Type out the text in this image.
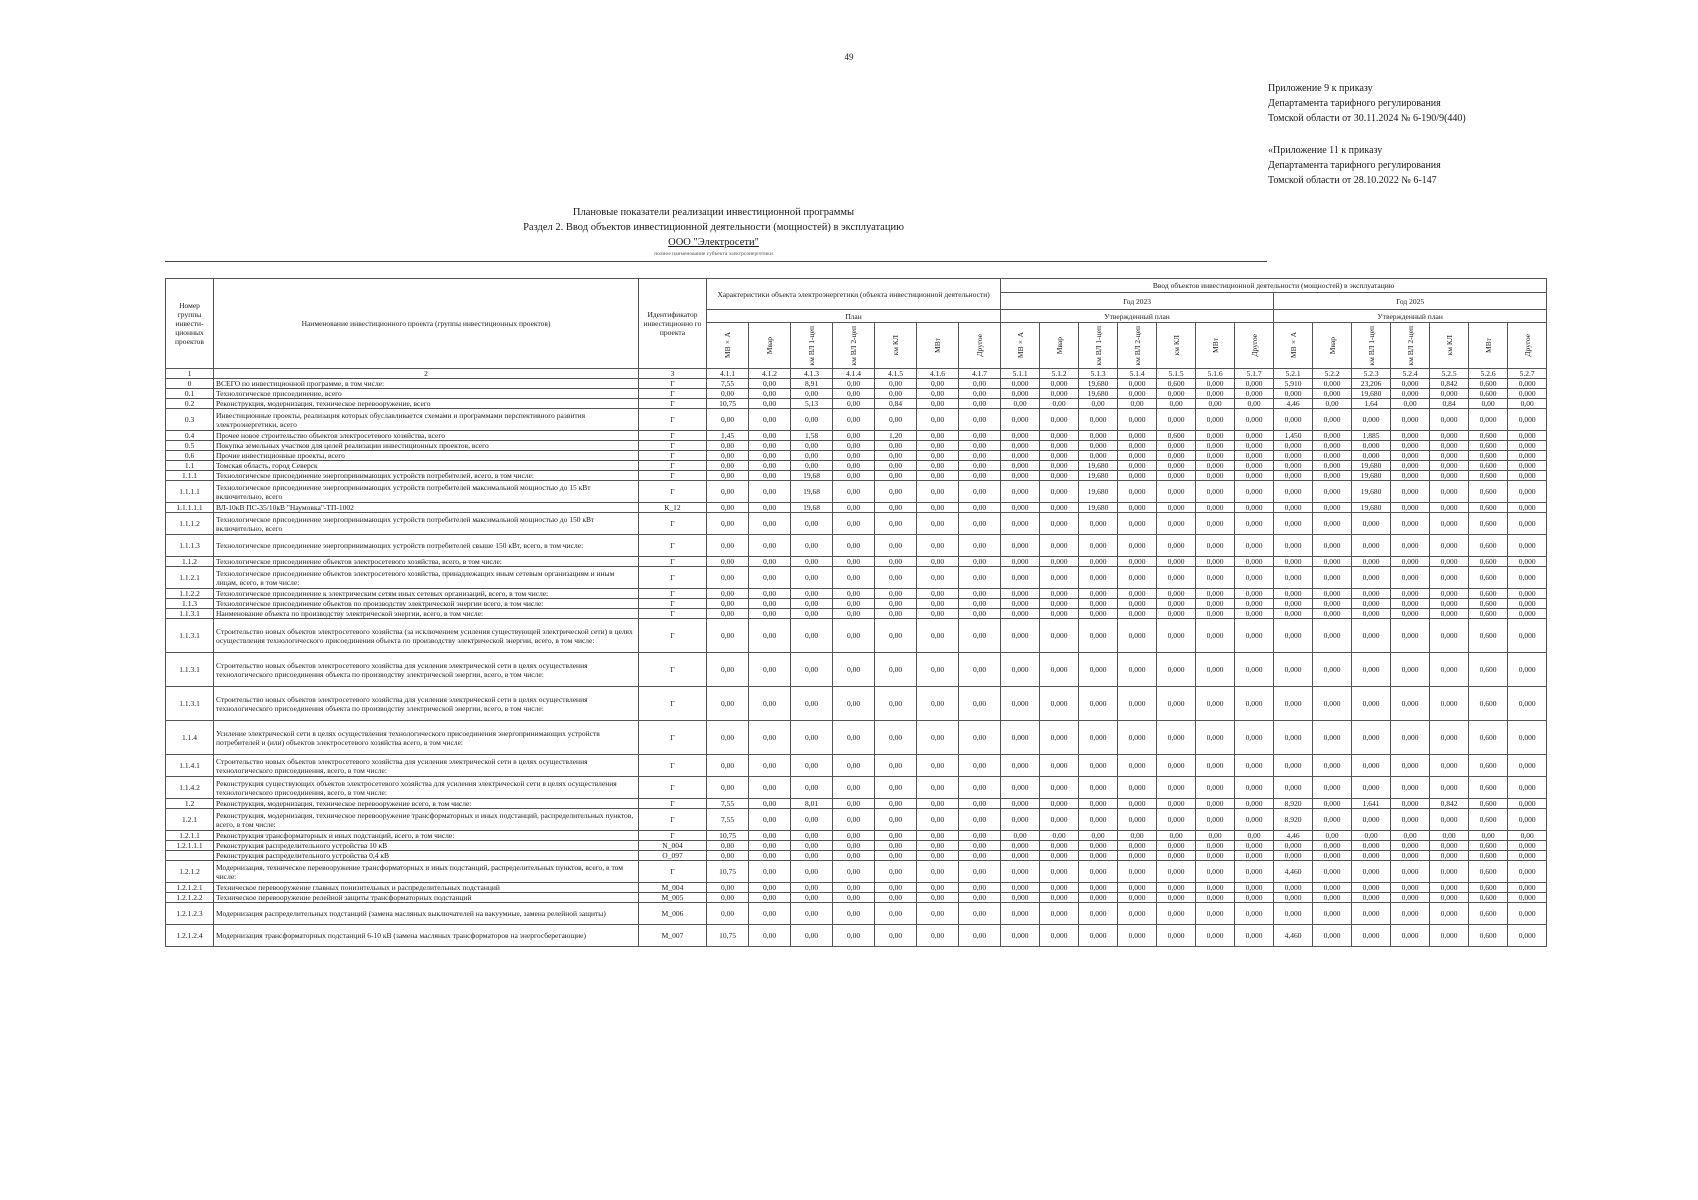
49
Приложение 9 к приказу
Департамента тарифного регулирования
Томской области от 30.11.2024 № 6-190/9(440)
«Приложение 11 к приказу
Департамента тарифного регулирования
Томской области от 28.10.2022 № 6-147
Плановые показатели реализации инвестиционной программы
Раздел 2. Ввод объектов инвестиционной деятельности (мощностей) в эксплуатацию
ООО "Электросети"
полное наименование субъекта электроэнергетики
Номер группы инвести-ционных проектов	Наименование инвестиционного проекта (группы инвестиционных проектов)	Идентификатор инвестиционно го проекта	Характеристики объекта электроэнергетики (объекта инвестиционной деятельности)							Ввод объектов инвестиционной деятельности (мощностей) в эксплуатацию													
										Год 2023							Год 2025						
			План							Утвержденный план							Утвержденный план						

			МВ×А	Мвар	км ВЛ 1-цеп	км ВЛ 2-цеп	км КЛ	МВт	Другое	МВ×А	Мвар	км ВЛ 1-цеп	км ВЛ 2-цеп	км КЛ	МВт	Другое	МВ×А	Мвар	км ВЛ 1-цеп	км ВЛ 2-цеп	км КЛ	МВт	Другое

1	2	3	4.1.1	4.1.2	4.1.3	4.1.4	4.1.5	4.1.6	4.1.7	5.1.1	5.1.2	5.1.3	5.1.4	5.1.5	5.1.6	5.1.7	5.2.1	5.2.2	5.2.3	5.2.4	5.2.5	5.2.6	5.2.7
0	ВСЕГО по инвестиционной программе, в том числе:	Г	7,55	0,00	8,91	0,00	0,00	0,00	0,00	0,000	0,000	19,680	0,000	0,600	0,000	0,000	5,910	0,000	23,206	0,000	0,842	0,600	0,000
0.1	Технологическое присоединение, всего	Г	0,00	0,00	0,00	0,00	0,00	0,00	0,00	0,000	0,000	19,680	0,000	0,000	0,000	0,000	0,000	0,000	19,680	0,000	0,000	0,600	0,000
0.2	Реконструкция, модернизация, техническое перевооружение, всего	Г	10,75	0,00	5,13	0,00	0,84	0,00	0,00	0,00	0,00	0,00	0,00	0,00	0,00	0,00	4,46	0,00	1,64	0,00	0,84	0,00	0,00
0.3	Инвестиционные проекты, реализация которых обуславливается схемами и программами перспективного развития электроэнергетики, всего	Г	0,00	0,00	0,00	0,00	0,00	0,00	0,00	0,000	0,000	0,000	0,000	0,000	0,000	0,000	0,000	0,000	0,000	0,000	0,000	0,000	0,000
0.4	Прочее новое строительство объектов электросетевого хозяйства, всего	Г	1,45	0,00	1,58	0,00	1,20	0,00	0,00	0,000	0,000	0,000	0,000	0,600	0,000	0,000	1,450	0,000	1,885	0,000	0,000	0,600	0,000
0.5	Покупка земельных участков для целей реализации инвестиционных проектов, всего	Г	0,00	0,00	0,00	0,00	0,00	0,00	0,00	0,000	0,000	0,000	0,000	0,000	0,000	0,000	0,000	0,000	0,000	0,000	0,000	0,600	0,000
0.6	Прочие инвестиционные проекты, всего	Г	0,00	0,00	0,00	0,00	0,00	0,00	0,00	0,000	0,000	0,000	0,000	0,000	0,000	0,000	0,000	0,000	0,000	0,000	0,000	0,600	0,000
1.1	Томская область, город Северск	Г	0,00	0,00	0,00	0,00	0,00	0,00	0,00	0,000	0,000	19,680	0,000	0,000	0,000	0,000	0,000	0,000	19,680	0,000	0,000	0,600	0,000
1.1.1	Технологическое присоединение энергопринимающих устройств потребителей, всего, в том числе:	Г	0,00	0,00	19,68	0,00	0,00	0,00	0,00	0,000	0,000	19,680	0,000	0,000	0,000	0,000	0,000	0,000	19,680	0,000	0,000	0,600	0,000
1.1.1.1	Технологическое присоединение энергопринимающих устройств потребителей максимальной мощностью до 15 кВт включительно, всего	Г	0,00	0,00	19,68	0,00	0,00	0,00	0,00	0,000	0,000	19,680	0,000	0,000	0,000	0,000	0,000	0,000	19,680	0,000	0,000	0,600	0,000
1.1.1.1.1	ВЛ-10кВ ПС-35/10кВ "Наумовка"-ТП-1002	К_12	0,00	0,00	19,68	0,00	0,00	0,00	0,00	0,000	0,000	19,680	0,000	0,000	0,000	0,000	0,000	0,000	19,680	0,000	0,000	0,600	0,000
1.1.1.2	Технологическое присоединение энергопринимающих устройств потребителей максимальной мощностью до 150 кВт включительно, всего	Г	0,00	0,00	0,00	0,00	0,00	0,00	0,00	0,000	0,000	0,000	0,000	0,000	0,000	0,000	0,000	0,000	0,000	0,000	0,000	0,600	0,000
1.1.1.3	Технологическое присоединение энергопринимающих устройств потребителей свыше 150 кВт, всего, в том числе:	Г	0,00	0,00	0,00	0,00	0,00	0,00	0,00	0,000	0,000	0,000	0,000	0,000	0,000	0,000	0,000	0,000	0,000	0,000	0,000	0,600	0,000
1.1.2	Технологическое присоединение объектов электросетевого хозяйства, всего, в том числе:	Г	0,00	0,00	0,00	0,00	0,00	0,00	0,00	0,000	0,000	0,000	0,000	0,000	0,000	0,000	0,000	0,000	0,000	0,000	0,000	0,600	0,000
1.1.2.1	Технологическое присоединение объектов электросетевого хозяйства, принадлежащих иным сетевым организациям и иным лицам, всего, в том числе:	Г	0,00	0,00	0,00	0,00	0,00	0,00	0,00	0,000	0,000	0,000	0,000	0,000	0,000	0,000	0,000	0,000	0,000	0,000	0,000	0,600	0,000
1.1.2.2	Технологическое присоединение к электрическим сетям иных сетевых организаций, всего, в том числе:	Г	0,00	0,00	0,00	0,00	0,00	0,00	0,00	0,000	0,000	0,000	0,000	0,000	0,000	0,000	0,000	0,000	0,000	0,000	0,000	0,600	0,000
1.1.3	Технологическое присоединение объектов по производству электрической энергии всего, в том числе:	Г	0,00	0,00	0,00	0,00	0,00	0,00	0,00	0,000	0,000	0,000	0,000	0,000	0,000	0,000	0,000	0,000	0,000	0,000	0,000	0,600	0,000
1.1.3.1	Наименование объекта по производству электрической энергии, всего, в том числе:	Г	0,00	0,00	0,00	0,00	0,00	0,00	0,00	0,000	0,000	0,000	0,000	0,000	0,000	0,000	0,000	0,000	0,000	0,000	0,000	0,600	0,000
1.1.3.1	Строительство новых объектов электросетевого хозяйства (за исключением усиления существующей электрической сети) в целях осуществления технологического присоединения объекта по производству электрической энергии, всего, в том числе:	Г	0,00	0,00	0,00	0,00	0,00	0,00	0,00	0,000	0,000	0,000	0,000	0,000	0,000	0,000	0,000	0,000	0,000	0,000	0,000	0,600	0,000
1.1.3.1	Строительство новых объектов электросетевого хозяйства для усиления электрической сети в целях осуществления технологического присоединения объекта по производству электрической энергии, всего, в том числе:	Г	0,00	0,00	0,00	0,00	0,00	0,00	0,00	0,000	0,000	0,000	0,000	0,000	0,000	0,000	0,000	0,000	0,000	0,000	0,000	0,600	0,000
1.1.3.1	Строительство новых объектов электросетевого хозяйства для усиления электрической сети в целях осуществления технологического присоединения объекта по производству электрической энергии, всего, в том числе:	Г	0,00	0,00	0,00	0,00	0,00	0,00	0,00	0,000	0,000	0,000	0,000	0,000	0,000	0,000	0,000	0,000	0,000	0,000	0,000	0,600	0,000
1.1.4	Усиление электрической сети в целях осуществления технологического присоединения энергопринимающих устройств потребителей и (или) объектов электросетевого хозяйства всего, в том числе:	Г	0,00	0,00	0,00	0,00	0,00	0,00	0,00	0,000	0,000	0,000	0,000	0,000	0,000	0,000	0,000	0,000	0,000	0,000	0,000	0,600	0,000
1.1.4.1	Строительство новых объектов электросетевого хозяйства для усиления электрической сети в целях осуществления технологического присоединения, всего, в том числе:	Г	0,00	0,00	0,00	0,00	0,00	0,00	0,00	0,000	0,000	0,000	0,000	0,000	0,000	0,000	0,000	0,000	0,000	0,000	0,000	0,600	0,000
1.1.4.2	Реконструкция существующих объектов электросетевого хозяйства для усиления электрической сети в целях осуществления технологического присоединения, всего, в том числе:	Г	0,00	0,00	0,00	0,00	0,00	0,00	0,00	0,000	0,000	0,000	0,000	0,000	0,000	0,000	0,000	0,000	0,000	0,000	0,000	0,600	0,000
1.2	Реконструкция, модернизация, техническое перевооружение всего, в том числе:	Г	7,55	0,00	8,01	0,00	0,00	0,00	0,00	0,000	0,000	0,000	0,000	0,000	0,000	0,000	8,920	0,000	1,641	0,000	0,842	0,600	0,000
1.2.1	Реконструкция, модернизация, техническое перевооружение трансформаторных и иных подстанций, распределительных пунктов, всего, в том числе:	Г	7,55	0,00	0,00	0,00	0,00	0,00	0,00	0,000	0,000	0,000	0,000	0,000	0,000	0,000	8,920	0,000	0,000	0,000	0,000	0,600	0,000
1.2.1.1	Реконструкция трансформаторных и иных подстанций, всего, в том числе:	Г	10,75	0,00	0,00	0,00	0,00	0,00	0,00	0,00	0,00	0,00	0,00	0,00	0,00	0,00	4,46	0,00	0,00	0,00	0,00	0,00	0,00
1.2.1.1.1	Реконструкция распределительного устройства 10 кВ	N_004	0,00	0,00	0,00	0,00	0,00	0,00	0,00	0,000	0,000	0,000	0,000	0,000	0,000	0,000	0,000	0,000	0,000	0,000	0,000	0,600	0,000
	Реконструкция распределительного устройства 0,4 кВ	O_097	0,00	0,00	0,00	0,00	0,00	0,00	0,00	0,000	0,000	0,000	0,000	0,000	0,000	0,000	0,000	0,000	0,000	0,000	0,000	0,600	0,000
1.2.1.2	Модернизация, техническое перевооружение трансформаторных и иных подстанций, распределительных пунктов, всего, в том числе:	Г	10,75	0,00	0,00	0,00	0,00	0,00	0,00	0,000	0,000	0,000	0,000	0,000	0,000	0,000	4,460	0,000	0,000	0,000	0,000	0,600	0,000
1.2.1.2.1	Техническое перевооружение главных понизительных и распределительных подстанций	M_004	0,00	0,00	0,00	0,00	0,00	0,00	0,00	0,000	0,000	0,000	0,000	0,000	0,000	0,000	0,000	0,000	0,000	0,000	0,000	0,600	0,000
1.2.1.2.2	Техническое перевооружение релейной защиты трансформаторных подстанций	M_005	0,00	0,00	0,00	0,00	0,00	0,00	0,00	0,000	0,000	0,000	0,000	0,000	0,000	0,000	0,000	0,000	0,000	0,000	0,000	0,600	0,000
1.2.1.2.3	Модернизация распределительных подстанций (замена масляных выключателей на вакуумные, замена релейной защиты)	M_006	0,00	0,00	0,00	0,00	0,00	0,00	0,00	0,000	0,000	0,000	0,000	0,000	0,000	0,000	0,000	0,000	0,000	0,000	0,000	0,600	0,000
1.2.1.2.4	Модернизация трансформаторных подстанций 6-10 кВ (замена масляных трансформаторов на энергосберегающие)	M_007	10,75	0,00	0,00	0,00	0,00	0,00	0,00	0,000	0,000	0,000	0,000	0,000	0,000	0,000	4,460	0,000	0,000	0,000	0,000	0,600	0,000
